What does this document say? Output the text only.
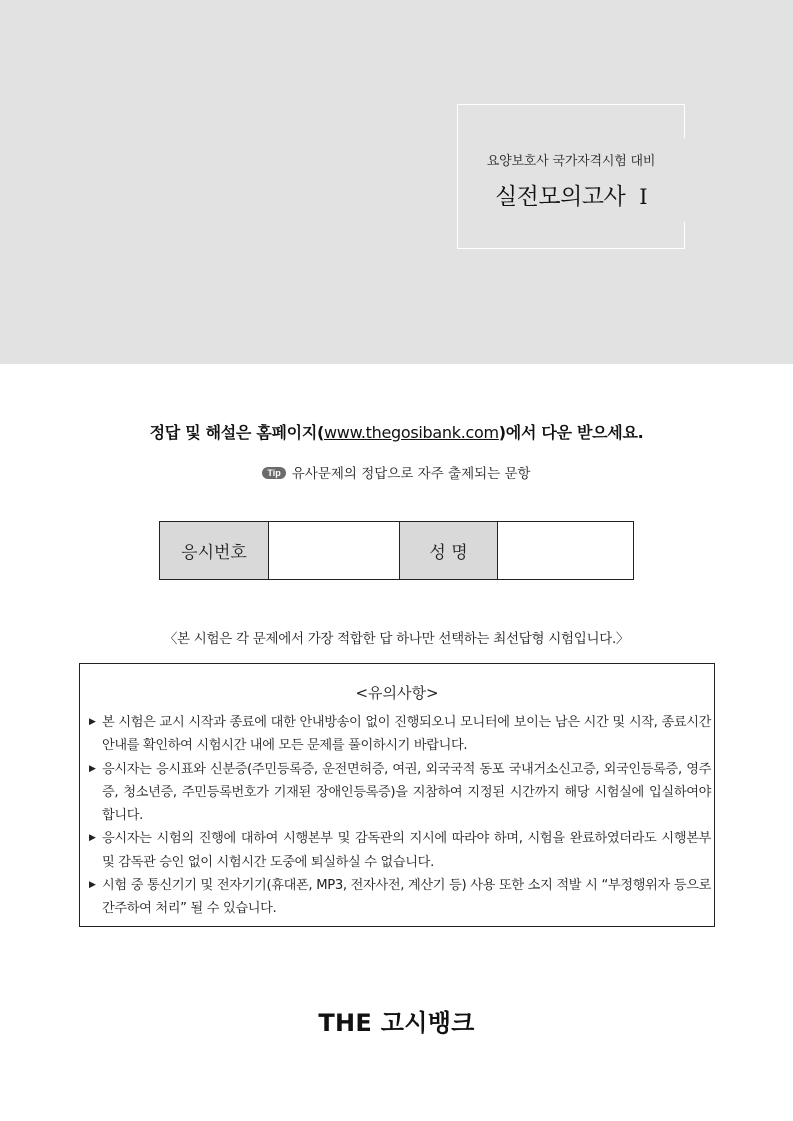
요양보호사 국가자격시험 대비
실전모의고사 Ⅰ
정답 및 해설은 홈페이지(www.thegosibank.com)에서 다운 받으세요.
Tip 유사문제의 정답으로 자주 출제되는 문항
응시번호	성 명
〈본 시험은 각 문제에서 가장 적합한 답 하나만 선택하는 최선답형 시험입니다.〉
<유의사항>
▶ 본 시험은 교시 시작과 종료에 대한 안내방송이 없이 진행되오니 모니터에 보이는 남은 시간 및 시작, 종료시간 안내를 확인하여 시험시간 내에 모든 문제를 풀이하시기 바랍니다.
▶ 응시자는 응시표와 신분증(주민등록증, 운전면허증, 여권, 외국국적 동포 국내거소신고증, 외국인등록증, 영주증, 청소년증, 주민등록번호가 기재된 장애인등록증)을 지참하여 지정된 시간까지 해당 시험실에 입실하여야 합니다.
▶ 응시자는 시험의 진행에 대하여 시행본부 및 감독관의 지시에 따라야 하며, 시험을 완료하였더라도 시행본부 및 감독관 승인 없이 시험시간 도중에 퇴실하실 수 없습니다.
▶ 시험 중 통신기기 및 전자기기(휴대폰, MP3, 전자사전, 계산기 등) 사용 또한 소지 적발 시 “부정행위자 등으로 간주하여 처리” 될 수 있습니다.
THE 고시뱅크
